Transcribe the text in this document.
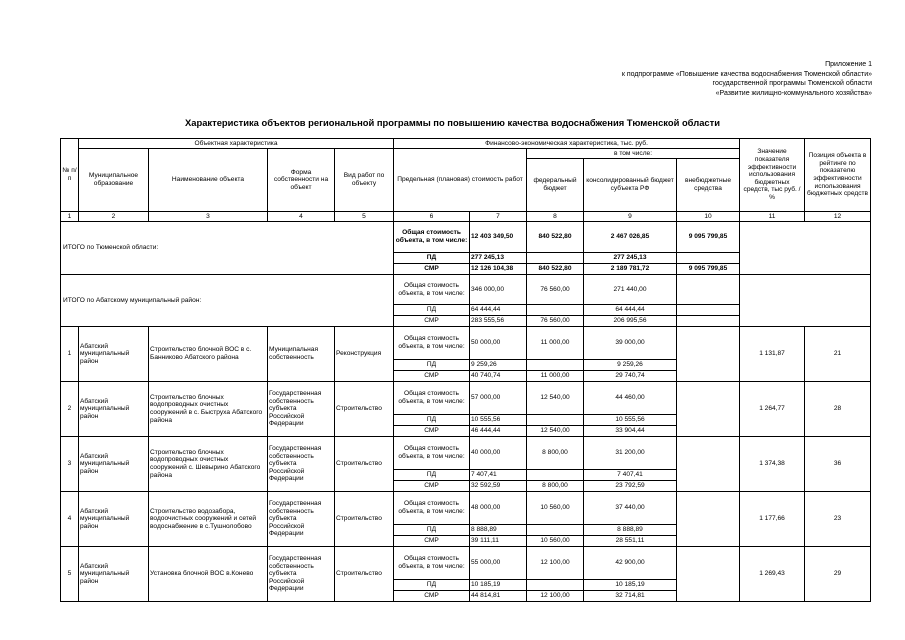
Приложение 1
к подпрограмме «Повышение качества водоснабжения Тюменской области»
государственной программы Тюменской области
«Развитие жилищно-коммунального хозяйства»
Характеристика объектов региональной программы по повышению качества водоснабжения Тюменской области
№ п/п	Объектная характеристика				Финансово-экономическая характеристика, тыс. руб.					Значение показателя эффективности использования бюджетных средств, тыс руб. / %	Позиция объекта в рейтинге по показателю эффективности использования бюджетных средств
	Муниципальное образование	Наименование объекта	Форма собственности на объект	Вид работ по объекту	Предельная (плановая) стоимость работ		в том числе:				
							федеральный бюджет	консолидированный бюджет субъекта РФ	внебюджетные средства		
1	2	3	4	5	6	7	8	9	10	11	12
ИТОГО по Тюменской области:					Общая стоимость объекта, в том числе:	12 403 349,50	840 522,80	2 467 026,85	9 095 799,85		
					ПД	277 245,13		277 245,13			
					СМР	12 126 104,38	840 522,80	2 189 781,72	9 095 799,85		
ИТОГО по Абатскому муниципальный район:					Общая стоимость объекта, в том числе:	346 000,00	76 560,00	271 440,00			
					ПД	64 444,44		64 444,44			
					СМР	283 555,56	76 560,00	206 995,56			
1	Абатский муниципальный район	Строительство блочной ВОС в с. Банниково Абатского района	Муниципальная собственность	Реконструкция	Общая стоимость объекта, в том числе:	50 000,00	11 000,00	39 000,00		1 131,87	21
					ПД	9 259,26		9 259,26			
					СМР	40 740,74	11 000,00	29 740,74			
2	Абатский муниципальный район	Строительство блочных водопроводных очистных сооружений в с. Быструха Абатского района	Государственная собственность субъекта Российской Федерации	Строительство	Общая стоимость объекта, в том числе:	57 000,00	12 540,00	44 460,00		1 264,77	28
					ПД	10 555,56		10 555,56			
					СМР	46 444,44	12 540,00	33 904,44			
3	Абатский муниципальный район	Строительство блочных водопроводных очистных сооружений с. Шевырино Абатского района	Государственная собственность субъекта Российской Федерации	Строительство	Общая стоимость объекта, в том числе:	40 000,00	8 800,00	31 200,00		1 374,38	36
					ПД	7 407,41		7 407,41			
					СМР	32 592,59	8 800,00	23 792,59			
4	Абатский муниципальный район	Строительство водозабора, водоочистных сооружений и сетей водоснабжение в с.Тушнолобово	Государственная собственность субъекта Российской Федерации	Строительство	Общая стоимость объекта, в том числе:	48 000,00	10 560,00	37 440,00		1 177,66	23
					ПД	8 888,89		8 888,89			
					СМР	39 111,11	10 560,00	28 551,11			
5	Абатский муниципальный район	Установка блочной ВОС в.Конево	Государственная собственность субъекта Российской Федерации	Строительство	Общая стоимость объекта, в том числе:	55 000,00	12 100,00	42 900,00		1 269,43	29
					ПД	10 185,19		10 185,19			
					СМР	44 814,81	12 100,00	32 714,81			
